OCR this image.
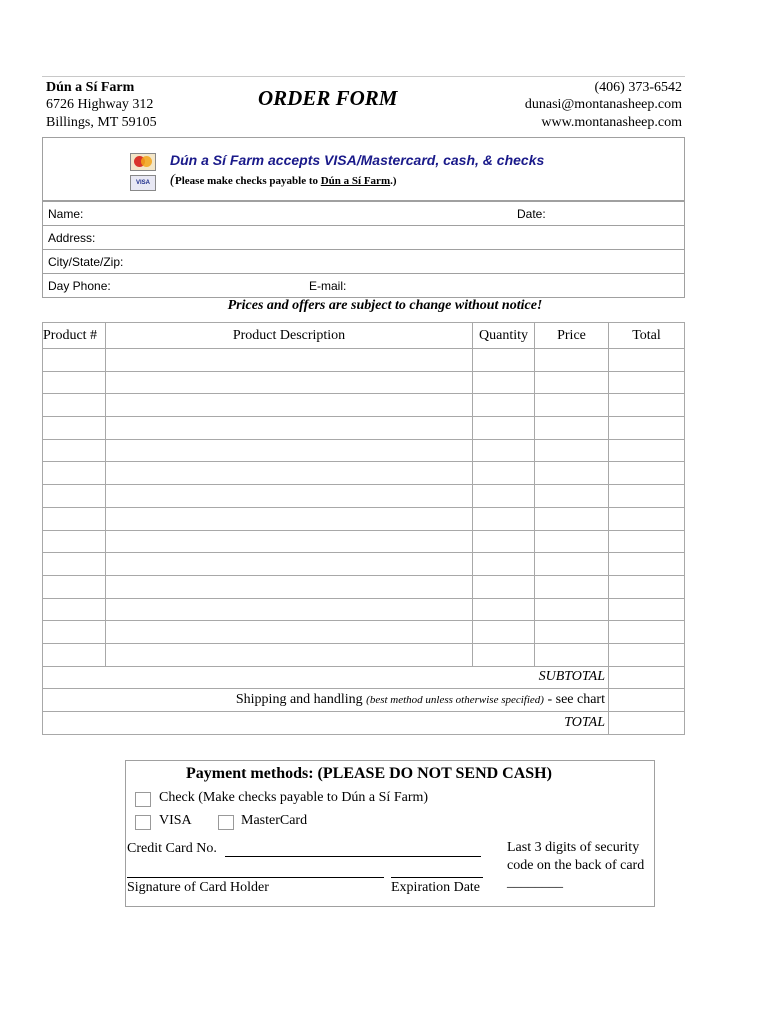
Dún a Sí Farm
6726 Highway 312
Billings, MT 59105
ORDER FORM	(406) 373-6542
dunasi@montanasheep.com
www.montanasheep.com
VISA
Dún a Sí Farm accepts VISA/Mastercard, cash, & checks
(Please make checks payable to Dún a Sí Farm.)
Name:	Date:
Address:
City/State/Zip:
Day Phone:	E-mail:
Prices and offers are subject to change without notice!
Product #	Product Description	Quantity	Price	Total

SUBTOTAL				
Shipping and handling (best method unless otherwise specified) - see chart				
TOTAL				
Payment methods: (PLEASE DO NOT SEND CASH)
Check (Make checks payable to Dún a Sí Farm)
VISA	MasterCard
Credit Card No.
Signature of Card Holder	Expiration Date
Last 3 digits of security code on the back of card ________
